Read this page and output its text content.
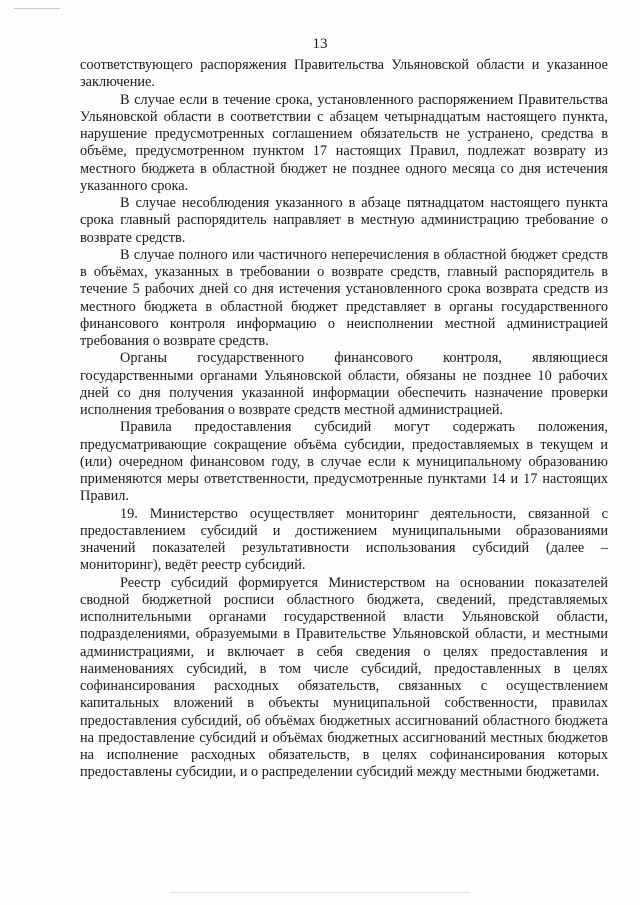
13

соответствующего распоряжения Правительства Ульяновской области и указанное заключение.

В случае если в течение срока, установленного распоряжением Правительства Ульяновской области в соответствии с абзацем четырнадцатым настоящего пункта, нарушение предусмотренных соглашением обязательств не устранено, средства в объёме, предусмотренном пунктом 17 настоящих Правил, подлежат возврату из местного бюджета в областной бюджет не позднее одного месяца со дня истечения указанного срока.

В случае несоблюдения указанного в абзаце пятнадцатом настоящего пункта срока главный распорядитель направляет в местную администрацию требование о возврате средств.

В случае полного или частичного неперечисления в областной бюджет средств в объёмах, указанных в требовании о возврате средств, главный распорядитель в течение 5 рабочих дней со дня истечения установленного срока возврата средств из местного бюджета в областной бюджет представляет в органы государственного финансового контроля информацию о неисполнении местной администрацией требования о возврате средств.

Органы государственного финансового контроля, являющиеся государственными органами Ульяновской области, обязаны не позднее 10 рабочих дней со дня получения указанной информации обеспечить назначение проверки исполнения требования о возврате средств местной администрацией.

Правила предоставления субсидий могут содержать положения, предусматривающие сокращение объёма субсидии, предоставляемых в текущем и (или) очередном финансовом году, в случае если к муниципальному образованию применяются меры ответственности, предусмотренные пунктами 14 и 17 настоящих Правил.

19. Министерство осуществляет мониторинг деятельности, связанной с предоставлением субсидий и достижением муниципальными образованиями значений показателей результативности использования субсидий (далее – мониторинг), ведёт реестр субсидий.

Реестр субсидий формируется Министерством на основании показателей сводной бюджетной росписи областного бюджета, сведений, представляемых исполнительными органами государственной власти Ульяновской области, подразделениями, образуемыми в Правительстве Ульяновской области, и местными администрациями, и включает в себя сведения о целях предоставления и наименованиях субсидий, в том числе субсидий, предоставленных в целях софинансирования расходных обязательств, связанных с осуществлением капитальных вложений в объекты муниципальной собственности, правилах предоставления субсидий, об объёмах бюджетных ассигнований областного бюджета на предоставление субсидий и объёмах бюджетных ассигнований местных бюджетов на исполнение расходных обязательств, в целях софинансирования которых предоставлены субсидии, и о распределении субсидий между местными бюджетами.
